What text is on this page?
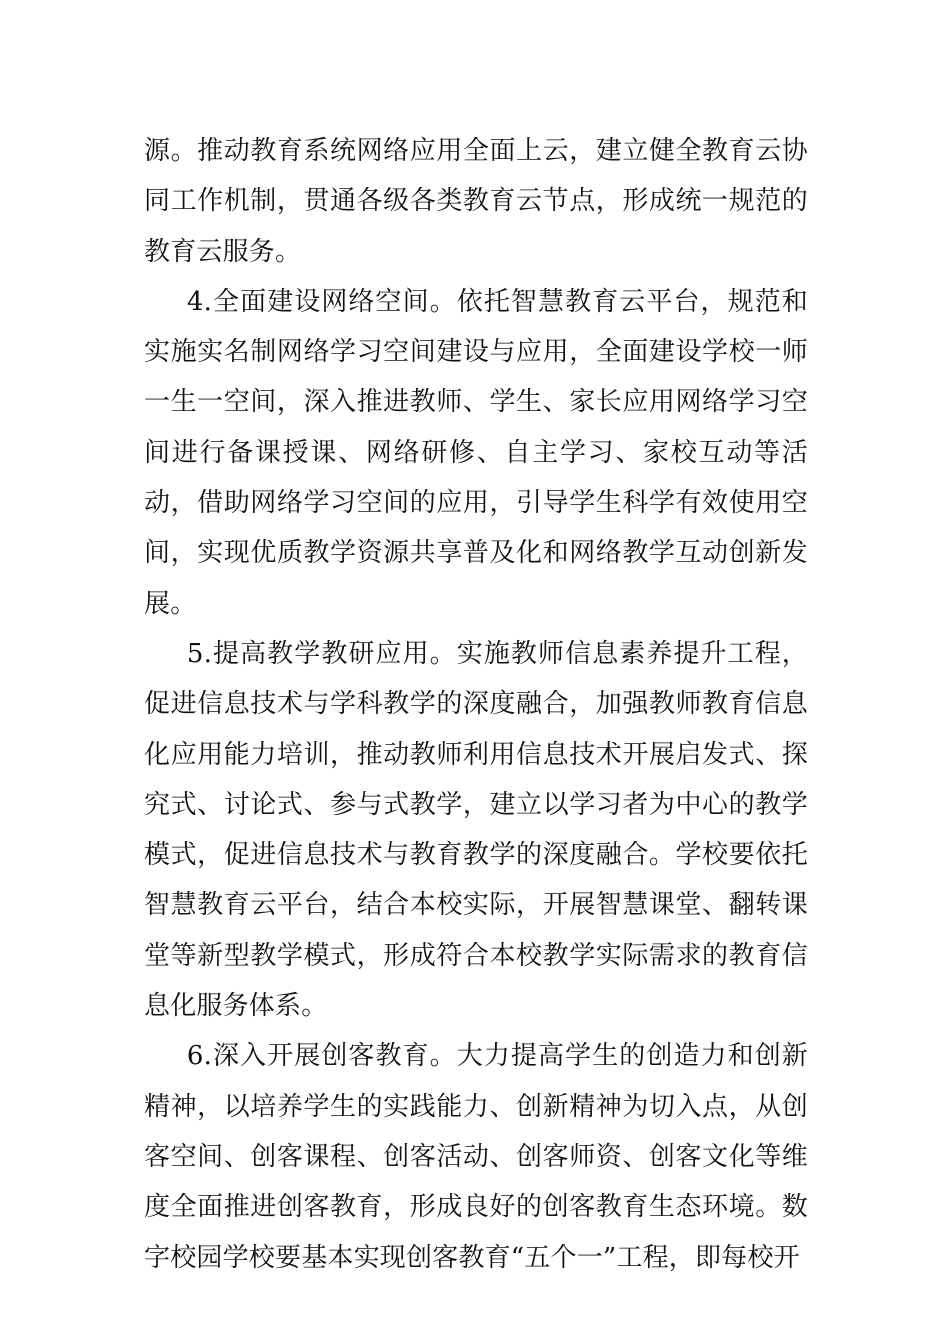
源。推动教育系统网络应用全面上云，建立健全教育云协同工作机制，贯通各级各类教育云节点，形成统一规范的教育云服务。

4.全面建设网络空间。依托智慧教育云平台，规范和实施实名制网络学习空间建设与应用，全面建设学校一师一生一空间，深入推进教师、学生、家长应用网络学习空间进行备课授课、网络研修、自主学习、家校互动等活动，借助网络学习空间的应用，引导学生科学有效使用空间，实现优质教学资源共享普及化和网络教学互动创新发展。

5.提高教学教研应用。实施教师信息素养提升工程，促进信息技术与学科教学的深度融合，加强教师教育信息化应用能力培训，推动教师利用信息技术开展启发式、探究式、讨论式、参与式教学，建立以学习者为中心的教学模式，促进信息技术与教育教学的深度融合。学校要依托智慧教育云平台，结合本校实际，开展智慧课堂、翻转课堂等新型教学模式，形成符合本校教学实际需求的教育信息化服务体系。

6.深入开展创客教育。大力提高学生的创造力和创新精神，以培养学生的实践能力、创新精神为切入点，从创客空间、创客课程、创客活动、创客师资、创客文化等维度全面推进创客教育，形成良好的创客教育生态环境。数字校园学校要基本实现创客教育“五个一”工程，即每校开
